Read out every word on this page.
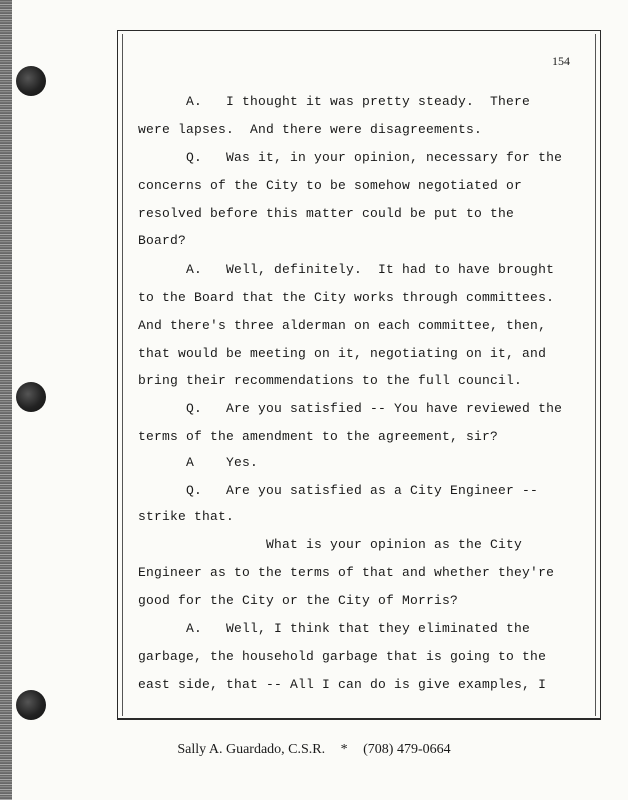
154
A.   I thought it was pretty steady.  There
were lapses.  And there were disagreements.
Q.   Was it, in your opinion, necessary for the
concerns of the City to be somehow negotiated or
resolved before this matter could be put to the
Board?
A.   Well, definitely.  It had to have brought
to the Board that the City works through committees.
And there's three alderman on each committee, then,
that would be meeting on it, negotiating on it, and
bring their recommendations to the full council.
Q.   Are you satisfied -- You have reviewed the
terms of the amendment to the agreement, sir?
A    Yes.
Q.   Are you satisfied as a City Engineer --
strike that.
What is your opinion as the City
Engineer as to the terms of that and whether they're
good for the City or the City of Morris?
A.   Well, I think that they eliminated the
garbage, the household garbage that is going to the
east side, that -- All I can do is give examples, I
Sally A. Guardado, C.S.R. * (708) 479-0664
